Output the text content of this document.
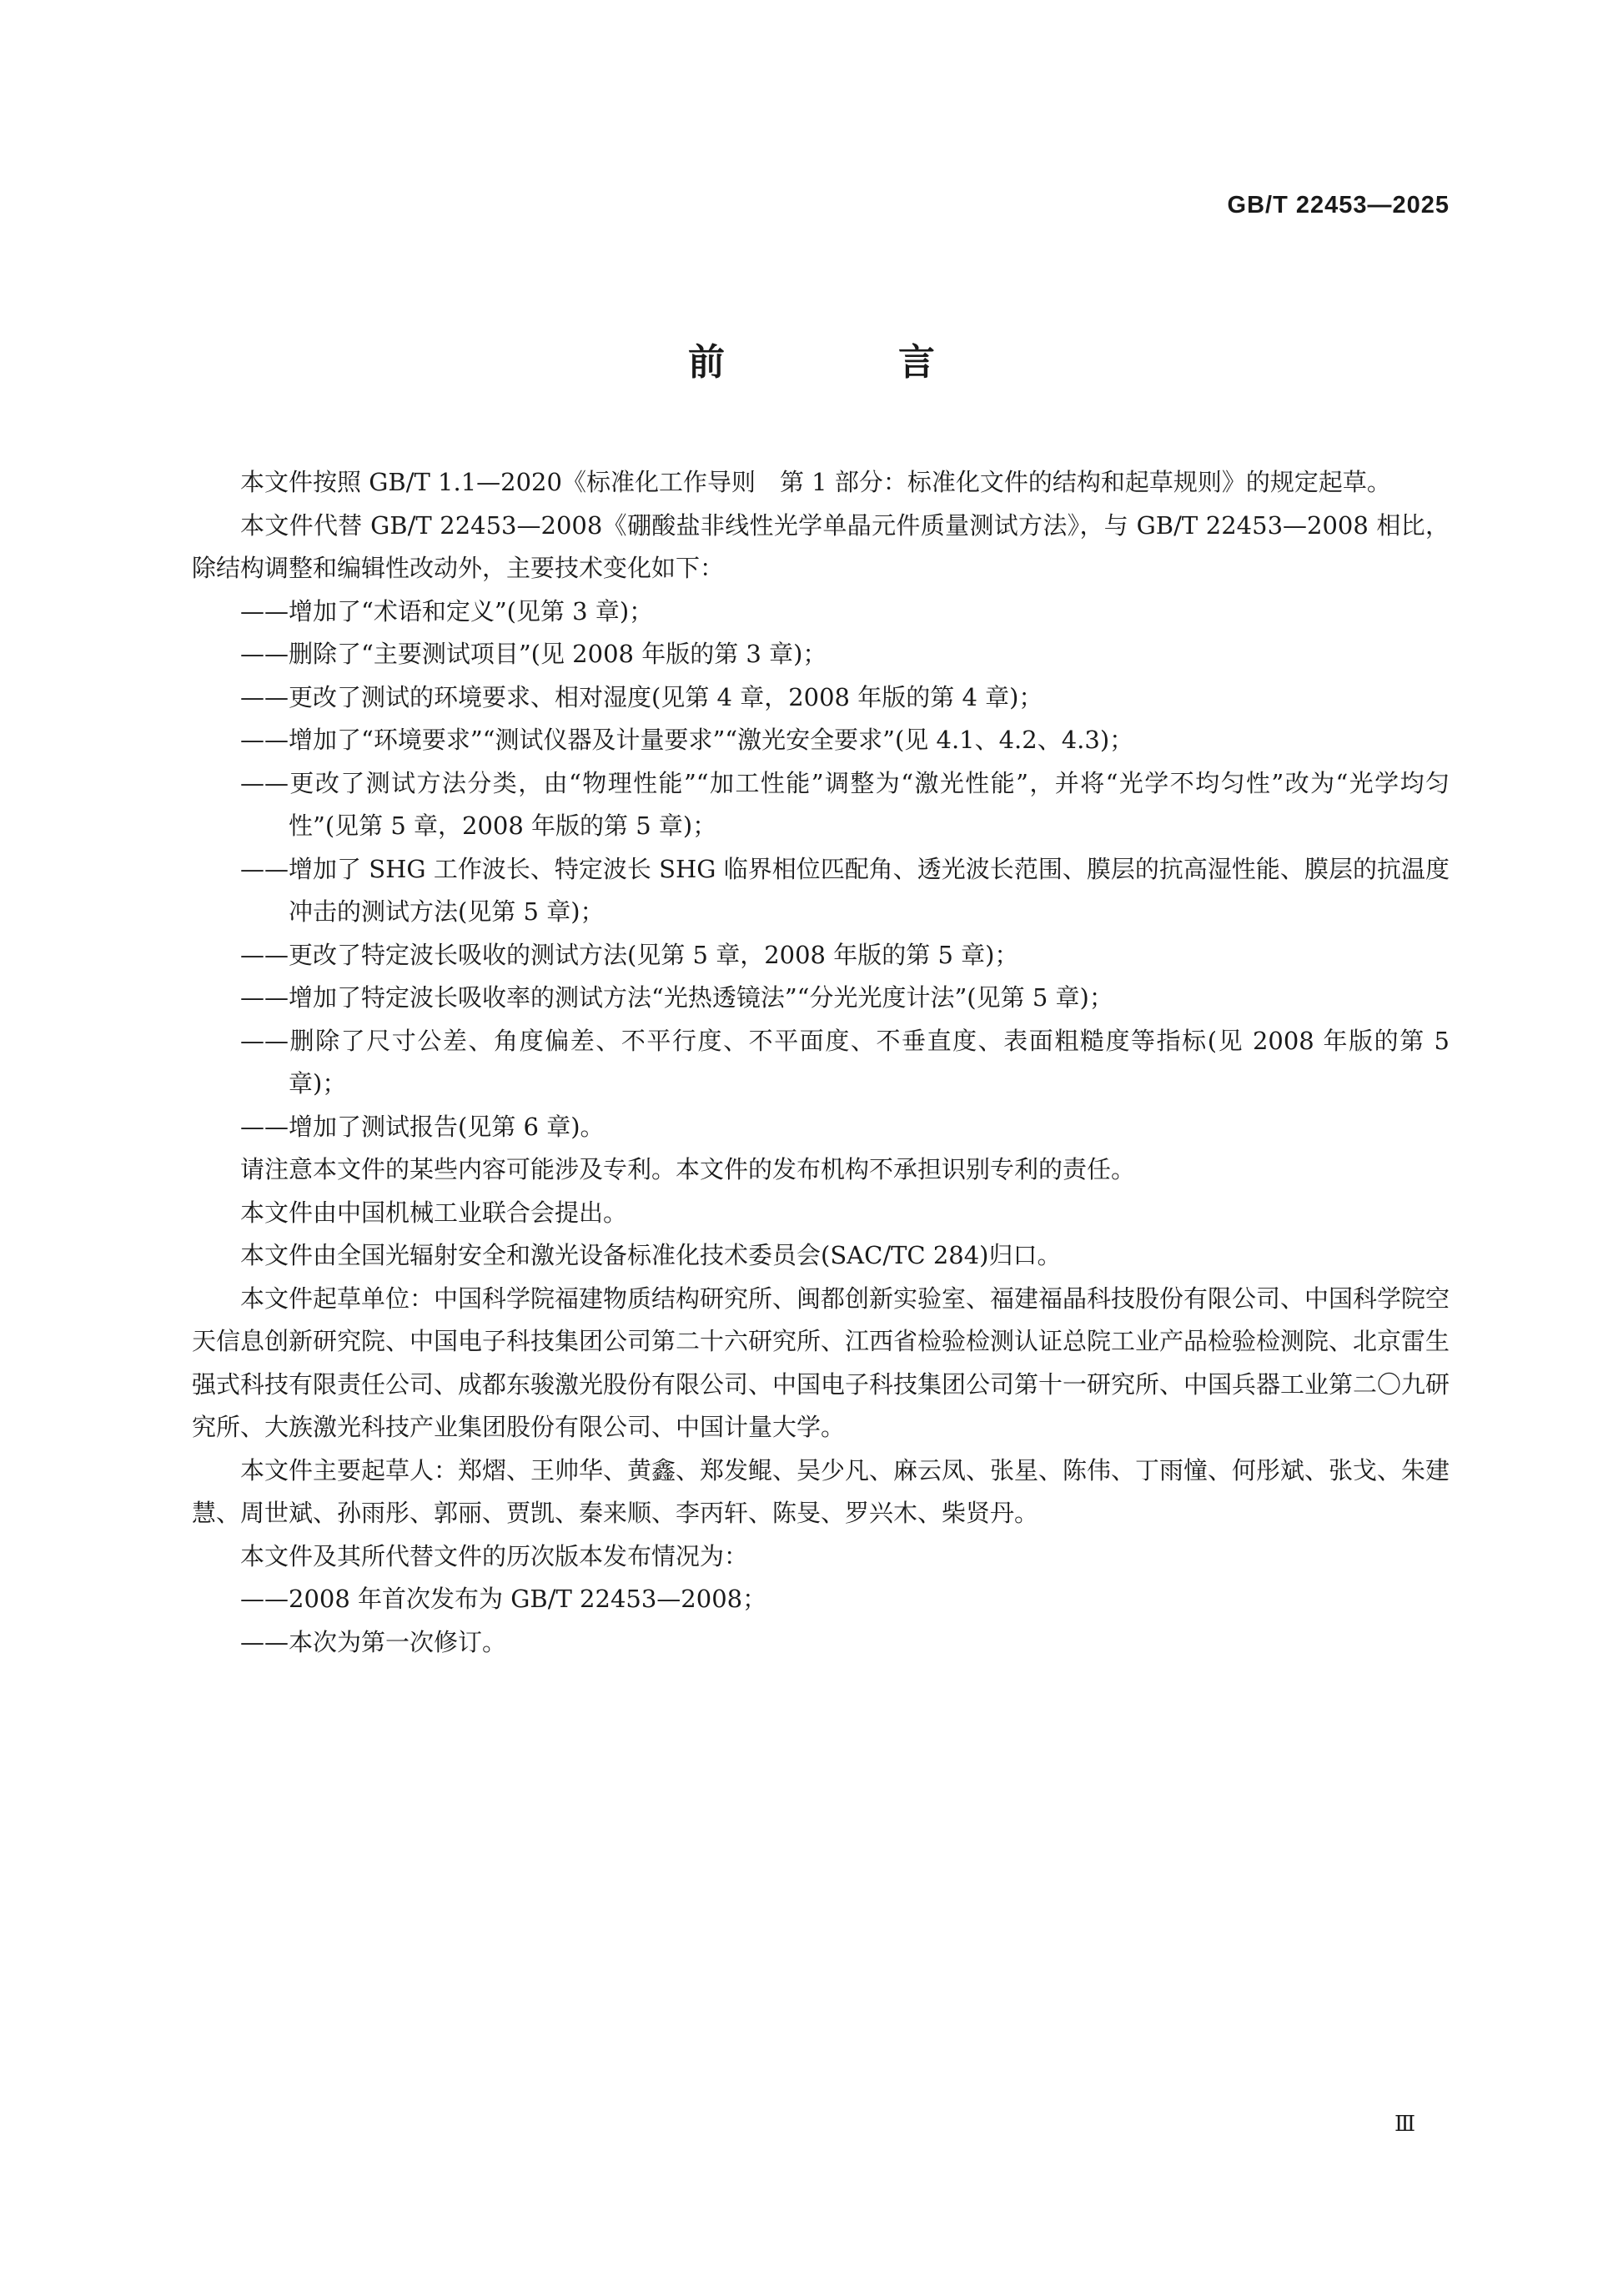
GB/T 22453—2025
前　言

本文件按照 GB/T 1.1—2020《标准化工作导则　第 1 部分：标准化文件的结构和起草规则》的规定起草。

本文件代替 GB/T 22453—2008《硼酸盐非线性光学单晶元件质量测试方法》，与 GB/T 22453—2008 相比，除结构调整和编辑性改动外，主要技术变化如下：

——增加了“术语和定义”(见第 3 章)；

——删除了“主要测试项目”(见 2008 年版的第 3 章)；

——更改了测试的环境要求、相对湿度(见第 4 章，2008 年版的第 4 章)；

——增加了“环境要求”“测试仪器及计量要求”“激光安全要求”(见 4.1、4.2、4.3)；

——更改了测试方法分类，由“物理性能”“加工性能”调整为“激光性能”，并将“光学不均匀性”改为“光学均匀性”(见第 5 章，2008 年版的第 5 章)；

——增加了 SHG 工作波长、特定波长 SHG 临界相位匹配角、透光波长范围、膜层的抗高湿性能、膜层的抗温度冲击的测试方法(见第 5 章)；

——更改了特定波长吸收的测试方法(见第 5 章，2008 年版的第 5 章)；

——增加了特定波长吸收率的测试方法“光热透镜法”“分光光度计法”(见第 5 章)；

——删除了尺寸公差、角度偏差、不平行度、不平面度、不垂直度、表面粗糙度等指标(见 2008 年版的第 5 章)；

——增加了测试报告(见第 6 章)。

请注意本文件的某些内容可能涉及专利。本文件的发布机构不承担识别专利的责任。

本文件由中国机械工业联合会提出。

本文件由全国光辐射安全和激光设备标准化技术委员会(SAC/TC 284)归口。

本文件起草单位：中国科学院福建物质结构研究所、闽都创新实验室、福建福晶科技股份有限公司、中国科学院空天信息创新研究院、中国电子科技集团公司第二十六研究所、江西省检验检测认证总院工业产品检验检测院、北京雷生强式科技有限责任公司、成都东骏激光股份有限公司、中国电子科技集团公司第十一研究所、中国兵器工业第二〇九研究所、大族激光科技产业集团股份有限公司、中国计量大学。

本文件主要起草人：郑熠、王帅华、黄鑫、郑发鲲、吴少凡、麻云凤、张星、陈伟、丁雨憧、何彤斌、张戈、朱建慧、周世斌、孙雨彤、郭丽、贾凯、秦来顺、李丙轩、陈旻、罗兴木、柴贤丹。

本文件及其所代替文件的历次版本发布情况为：

——2008 年首次发布为 GB/T 22453—2008；

——本次为第一次修订。

Ⅲ
